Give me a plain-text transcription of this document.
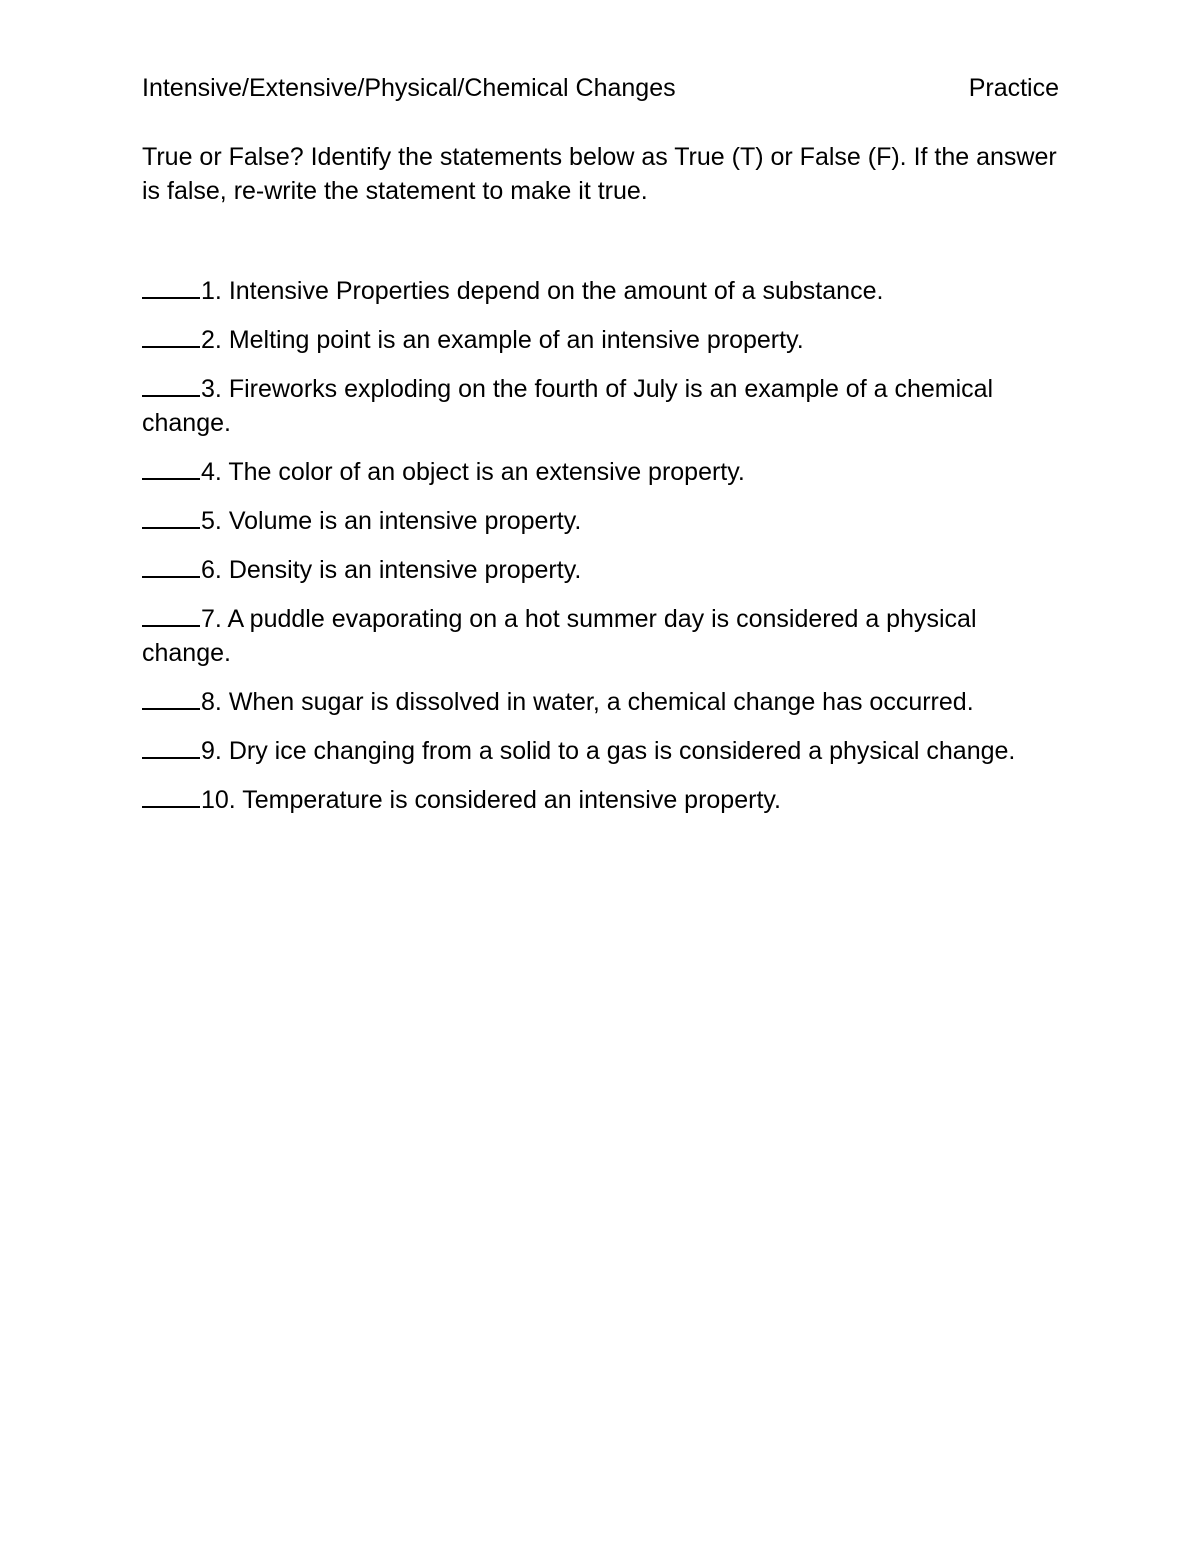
Intensive/Extensive/Physical/Chemical Changes	Practice
True or False? Identify the statements below as True (T) or False (F). If the answer is false, re-write the statement to make it true.
1. Intensive Properties depend on the amount of a substance.
2. Melting point is an example of an intensive property.
3. Fireworks exploding on the fourth of July is an example of a chemical change.
4. The color of an object is an extensive property.
5. Volume is an intensive property.
6. Density is an intensive property.
7. A puddle evaporating on a hot summer day is considered a physical change.
8. When sugar is dissolved in water, a chemical change has occurred.
9. Dry ice changing from a solid to a gas is considered a physical change.
10. Temperature is considered an intensive property.
